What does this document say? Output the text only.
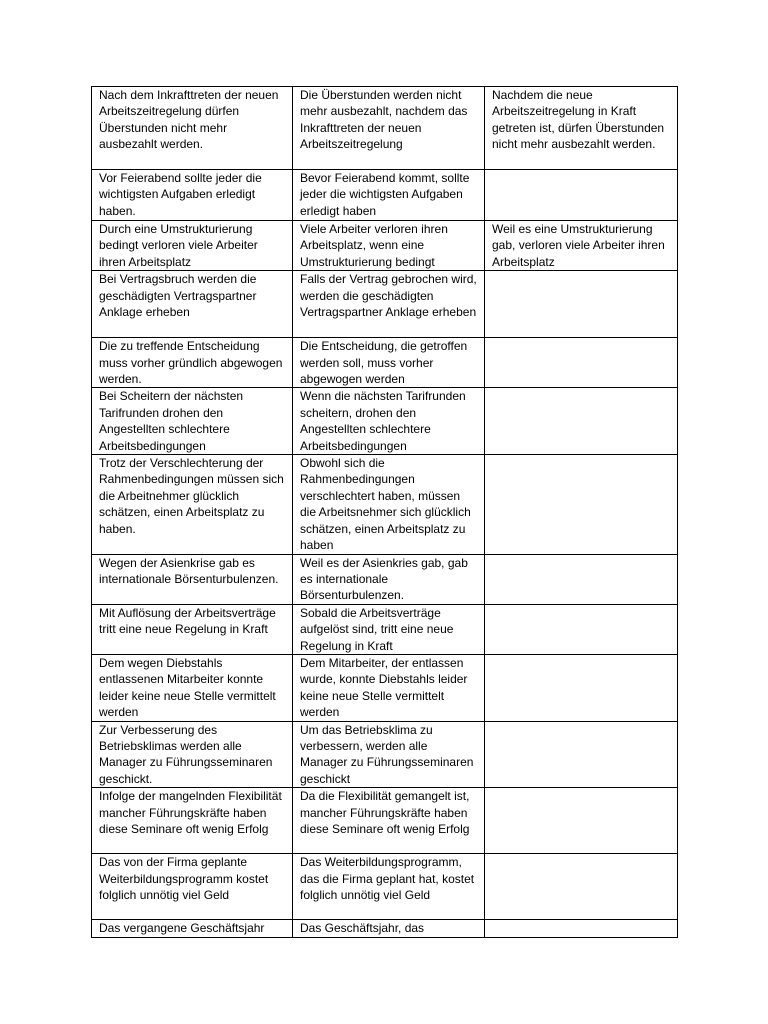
Nach dem Inkrafttreten der neuen Arbeitszeitregelung dürfen Überstunden nicht mehr ausbezahlt werden.	Die Überstunden werden nicht mehr ausbezahlt, nachdem das Inkrafttreten der neuen Arbeitszeitregelung	Nachdem die neue Arbeitszeitregelung in Kraft getreten ist, dürfen Überstunden nicht mehr ausbezahlt werden.
Vor Feierabend sollte jeder die wichtigsten Aufgaben erledigt haben.	Bevor Feierabend kommt, sollte jeder die wichtigsten Aufgaben erledigt haben	
Durch eine Umstrukturierung bedingt verloren viele Arbeiter ihren Arbeitsplatz	Viele Arbeiter verloren ihren Arbeitsplatz, wenn eine Umstrukturierung bedingt	Weil es eine Umstrukturierung gab, verloren viele Arbeiter ihren Arbeitsplatz
Bei Vertragsbruch werden die geschädigten Vertragspartner Anklage erheben	Falls der Vertrag gebrochen wird, werden die geschädigten Vertragspartner Anklage erheben	
Die zu treffende Entscheidung muss vorher gründlich abgewogen werden.	Die Entscheidung, die getroffen werden soll, muss vorher abgewogen werden	
Bei Scheitern der nächsten Tarifrunden drohen den Angestellten schlechtere Arbeitsbedingungen	Wenn die nächsten Tarifrunden scheitern, drohen den Angestellten schlechtere Arbeitsbedingungen	
Trotz der Verschlechterung der Rahmenbedingungen müssen sich die Arbeitnehmer glücklich schätzen, einen Arbeitsplatz zu haben.	Obwohl sich die Rahmenbedingungen verschlechtert haben, müssen die Arbeitsnehmer sich glücklich schätzen, einen Arbeitsplatz zu haben	
Wegen der Asienkrise gab es internationale Börsenturbulenzen.	Weil es der Asienkries gab, gab es internationale Börsenturbulenzen.	
Mit Auflösung der Arbeitsverträge tritt eine neue Regelung in Kraft	Sobald die Arbeitsverträge aufgelöst sind, tritt eine neue Regelung in Kraft	
Dem wegen Diebstahls entlassenen Mitarbeiter konnte leider keine neue Stelle vermittelt werden	Dem Mitarbeiter, der entlassen wurde, konnte Diebstahls leider keine neue Stelle vermittelt werden	
Zur Verbesserung des Betriebsklimas werden alle Manager zu Führungsseminaren geschickt.	Um das Betriebsklima zu verbessern, werden alle Manager zu Führungsseminaren geschickt	
Infolge der mangelnden Flexibilität mancher Führungskräfte haben diese Seminare oft wenig Erfolg	Da die Flexibilität gemangelt ist, mancher Führungskräfte haben diese Seminare oft wenig Erfolg	
Das von der Firma geplante Weiterbildungsprogramm kostet folglich unnötig viel Geld	Das Weiterbildungsprogramm, das die Firma geplant hat, kostet folglich unnötig viel Geld	
Das vergangene Geschäftsjahr	Das Geschäftsjahr, das	
